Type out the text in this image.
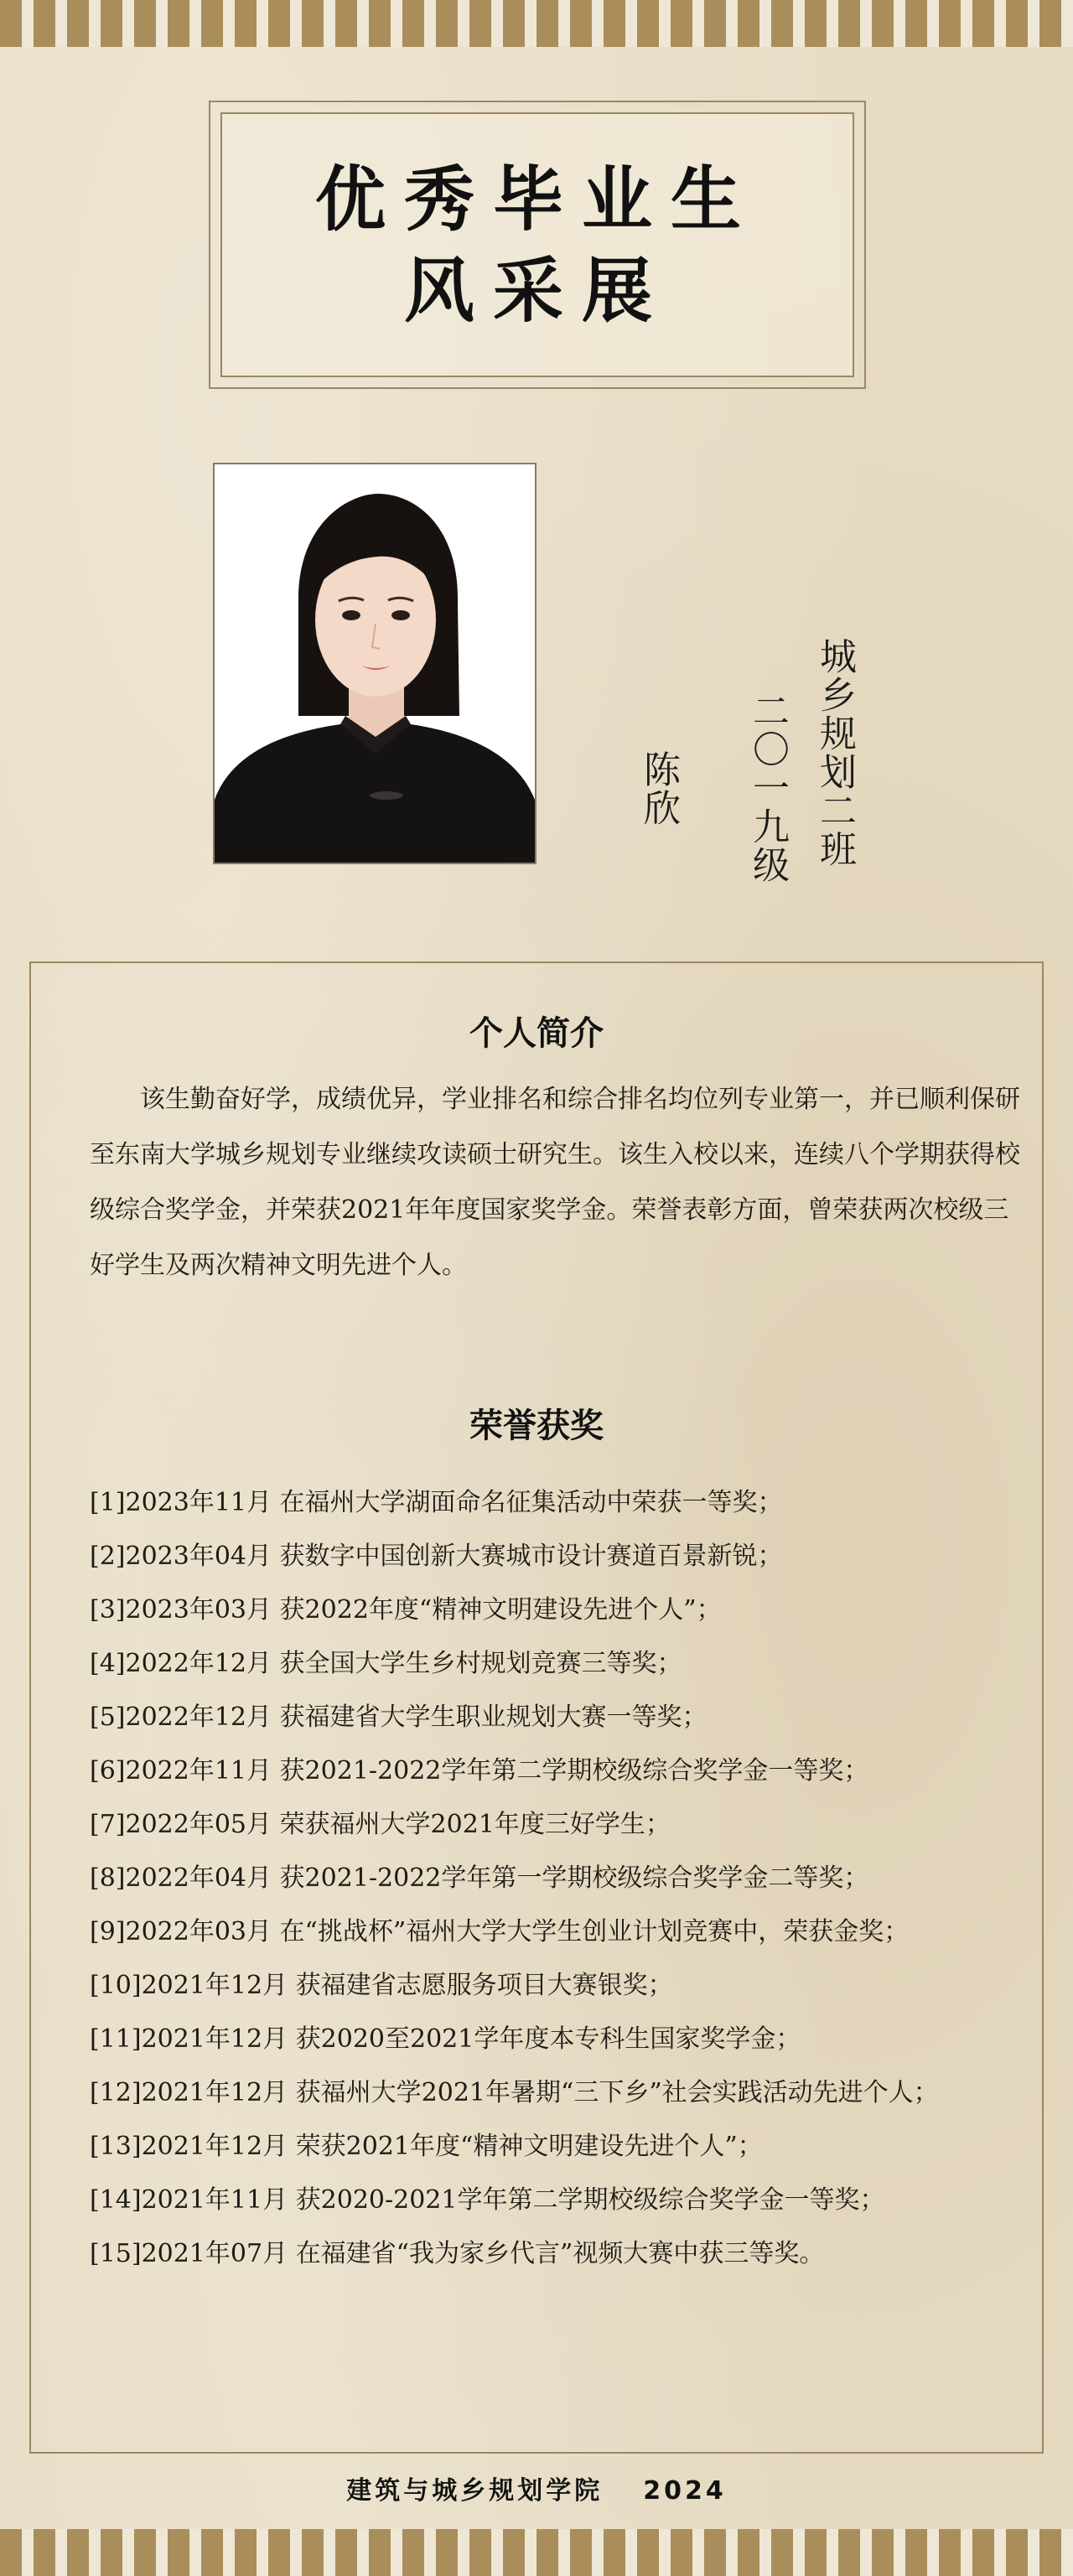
优秀毕业生
风采展
城乡规划二班
二〇一九级
陈欣
个人简介

该生勤奋好学，成绩优异，学业排名和综合排名均位列专业第一，并已顺利保研至东南大学城乡规划专业继续攻读硕士研究生。该生入校以来，连续八个学期获得校级综合奖学金，并荣获2021年年度国家奖学金。荣誉表彰方面，曾荣获两次校级三好学生及两次精神文明先进个人。

荣誉获奖
[1]2023年11月 在福州大学湖面命名征集活动中荣获一等奖；
[2]2023年04月 获数字中国创新大赛城市设计赛道百景新锐；
[3]2023年03月 获2022年度“精神文明建设先进个人”；
[4]2022年12月 获全国大学生乡村规划竞赛三等奖；
[5]2022年12月 获福建省大学生职业规划大赛一等奖；
[6]2022年11月 获2021-2022学年第二学期校级综合奖学金一等奖；
[7]2022年05月 荣获福州大学2021年度三好学生；
[8]2022年04月 获2021-2022学年第一学期校级综合奖学金二等奖；
[9]2022年03月 在“挑战杯”福州大学大学生创业计划竞赛中，荣获金奖；
[10]2021年12月 获福建省志愿服务项目大赛银奖；
[11]2021年12月 获2020至2021学年度本专科生国家奖学金；
[12]2021年12月 获福州大学2021年暑期“三下乡”社会实践活动先进个人；
[13]2021年12月 荣获2021年度“精神文明建设先进个人”；
[14]2021年11月 获2020-2021学年第二学期校级综合奖学金一等奖；
[15]2021年07月 在福建省“我为家乡代言”视频大赛中获三等奖。
建筑与城乡规划学院 2024
